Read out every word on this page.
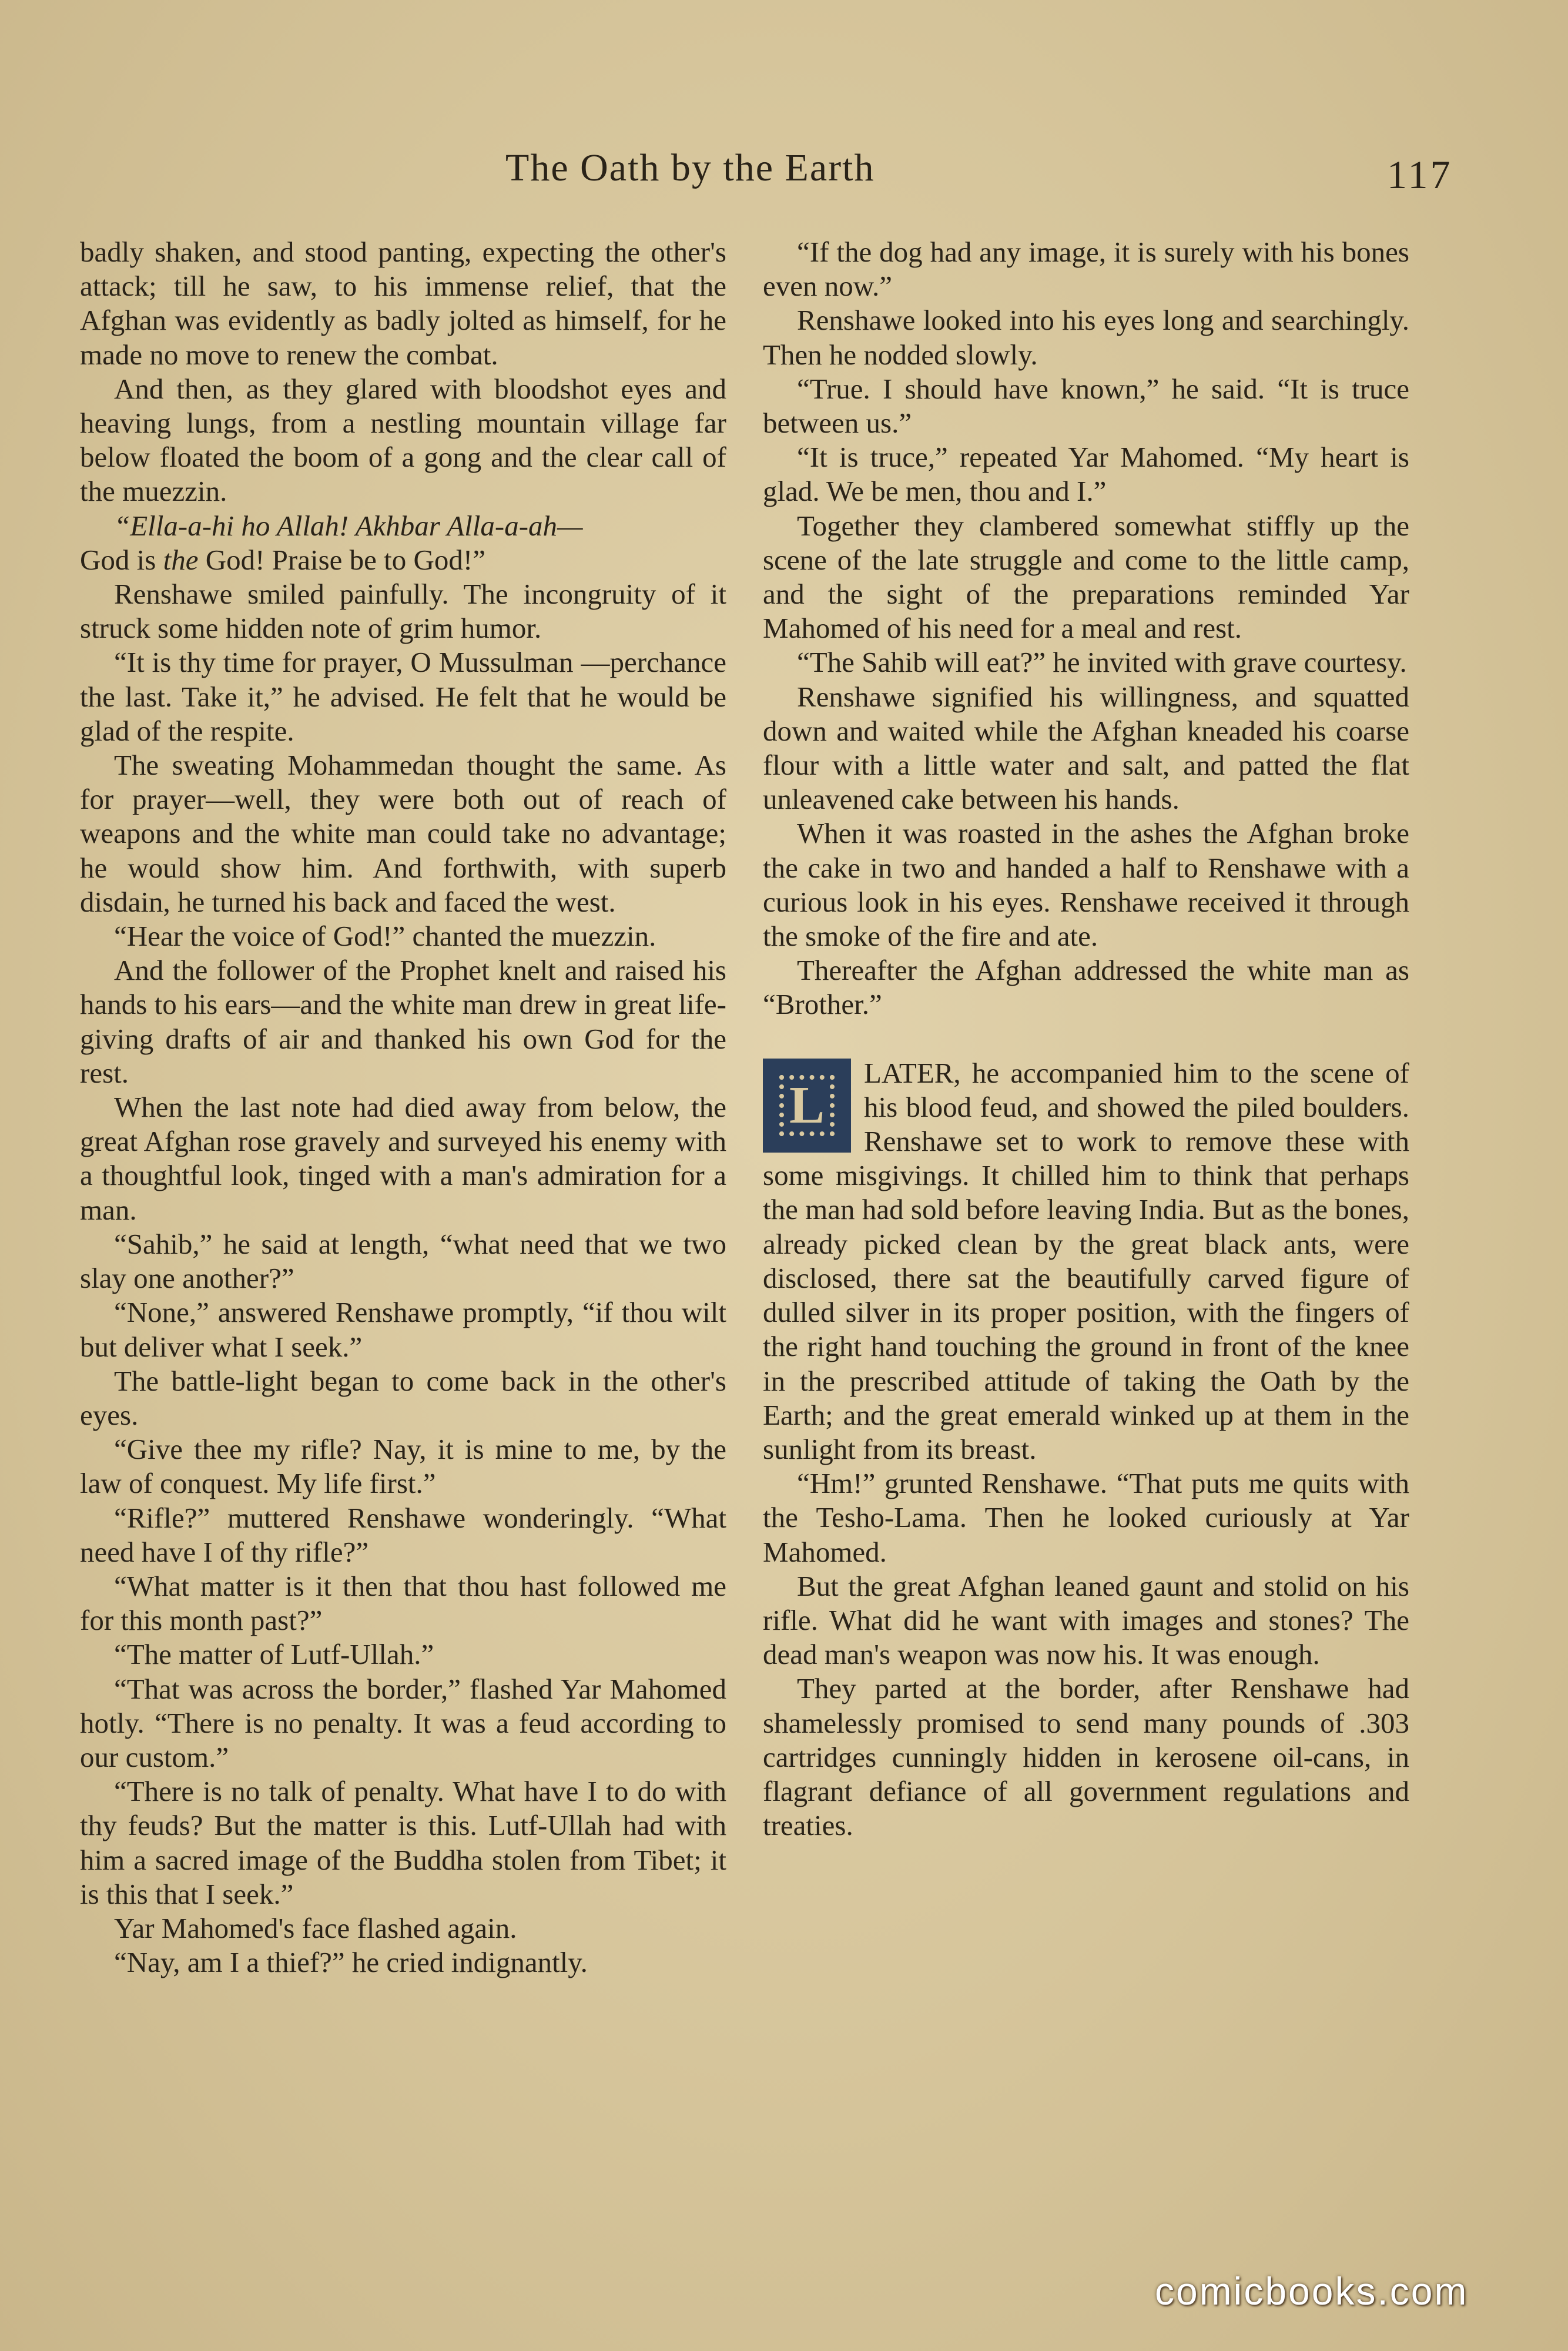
The Oath by the Earth	117

badly shaken, and stood panting, expecting the other's attack; till he saw, to his immense relief, that the Afghan was evidently as badly jolted as himself, for he made no move to renew the combat.

And then, as they glared with bloodshot eyes and heaving lungs, from a nestling mountain village far below floated the boom of a gong and the clear call of the muezzin.

“Ella-a-hi ho Allah! Akhbar Alla-a-ah—
God is the God! Praise be to God!”

Renshawe smiled painfully. The incongruity of it struck some hidden note of grim humor.

“It is thy time for prayer, O Mussulman —perchance the last. Take it,” he advised. He felt that he would be glad of the respite.

The sweating Mohammedan thought the same. As for prayer—well, they were both out of reach of weapons and the white man could take no advantage; he would show him. And forthwith, with superb disdain, he turned his back and faced the west.

“Hear the voice of God!” chanted the muezzin.

And the follower of the Prophet knelt and raised his hands to his ears—and the white man drew in great life-giving drafts of air and thanked his own God for the rest.

When the last note had died away from below, the great Afghan rose gravely and surveyed his enemy with a thoughtful look, tinged with a man's admiration for a man.

“Sahib,” he said at length, “what need that we two slay one another?”

“None,” answered Renshawe promptly, “if thou wilt but deliver what I seek.”

The battle-light began to come back in the other's eyes.

“Give thee my rifle? Nay, it is mine to me, by the law of conquest. My life first.”

“Rifle?” muttered Renshawe wonderingly. “What need have I of thy rifle?”

“What matter is it then that thou hast followed me for this month past?”

“The matter of Lutf-Ullah.”

“That was across the border,” flashed Yar Mahomed hotly. “There is no penalty. It was a feud according to our custom.”

“There is no talk of penalty. What have I to do with thy feuds? But the matter is this. Lutf-Ullah had with him a sacred image of the Buddha stolen from Tibet; it is this that I seek.”

Yar Mahomed's face flashed again.

“Nay, am I a thief?” he cried indignantly.

“If the dog had any image, it is surely with his bones even now.”

Renshawe looked into his eyes long and searchingly. Then he nodded slowly.

“True. I should have known,” he said. “It is truce between us.”

“It is truce,” repeated Yar Mahomed. “My heart is glad. We be men, thou and I.”

Together they clambered somewhat stiffly up the scene of the late struggle and come to the little camp, and the sight of the preparations reminded Yar Mahomed of his need for a meal and rest.

“The Sahib will eat?” he invited with grave courtesy.

Renshawe signified his willingness, and squatted down and waited while the Afghan kneaded his coarse flour with a little water and salt, and patted the flat unleavened cake between his hands.

When it was roasted in the ashes the Afghan broke the cake in two and handed a half to Renshawe with a curious look in his eyes. Renshawe received it through the smoke of the fire and ate.

Thereafter the Afghan addressed the white man as “Brother.”

L

LATER, he accompanied him to the scene of his blood feud, and showed the piled boulders. Renshawe set to work to remove these with some misgivings. It chilled him to think that perhaps the man had sold before leaving India. But as the bones, already picked clean by the great black ants, were disclosed, there sat the beautifully carved figure of dulled silver in its proper position, with the fingers of the right hand touching the ground in front of the knee in the prescribed attitude of taking the Oath by the Earth; and the great emerald winked up at them in the sunlight from its breast.

“Hm!” grunted Renshawe. “That puts me quits with the Tesho-Lama. Then he looked curiously at Yar Mahomed.

But the great Afghan leaned gaunt and stolid on his rifle. What did he want with images and stones? The dead man's weapon was now his. It was enough.

They parted at the border, after Renshawe had shamelessly promised to send many pounds of .303 cartridges cunningly hidden in kerosene oil-cans, in flagrant defiance of all government regulations and treaties.

comicbooks.com
